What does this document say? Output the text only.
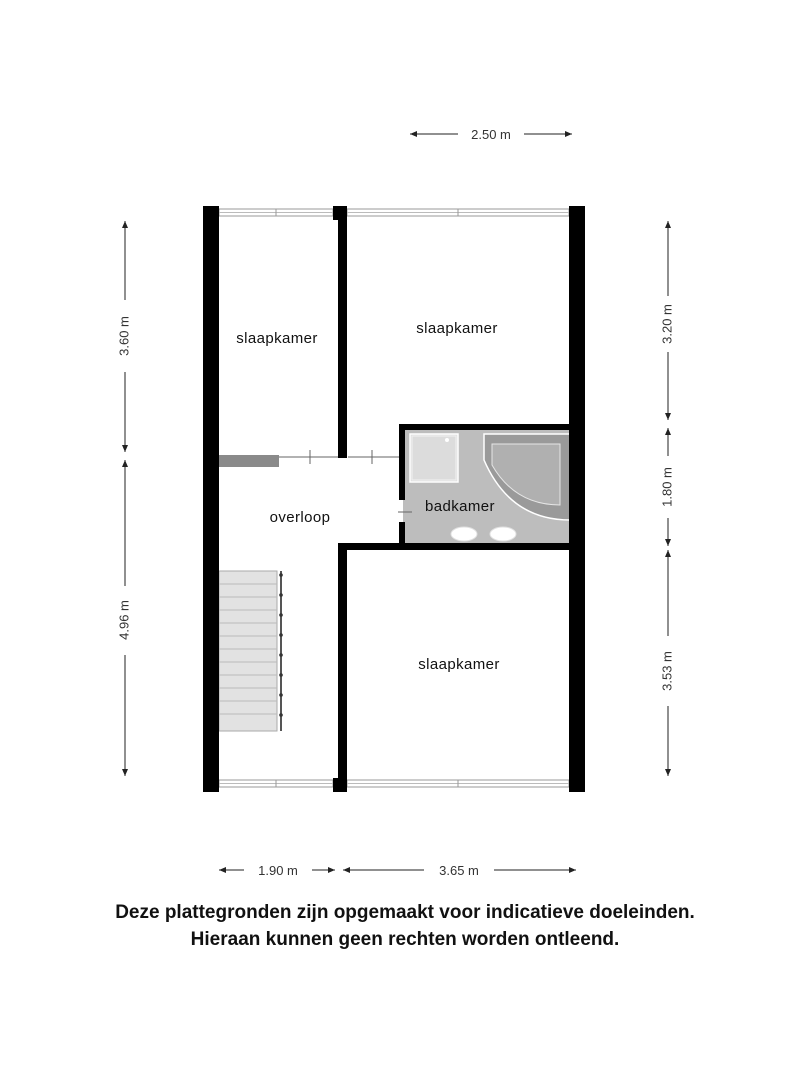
slaapkamer
slaapkamer
badkamer
overloop
slaapkamer
2.50 m
3.60 m
4.96 m
3.20 m
1.80 m
3.53 m
1.90 m	3.65 m
Deze plattegronden zijn opgemaakt voor indicatieve doeleinden.
Hieraan kunnen geen rechten worden ontleend.
